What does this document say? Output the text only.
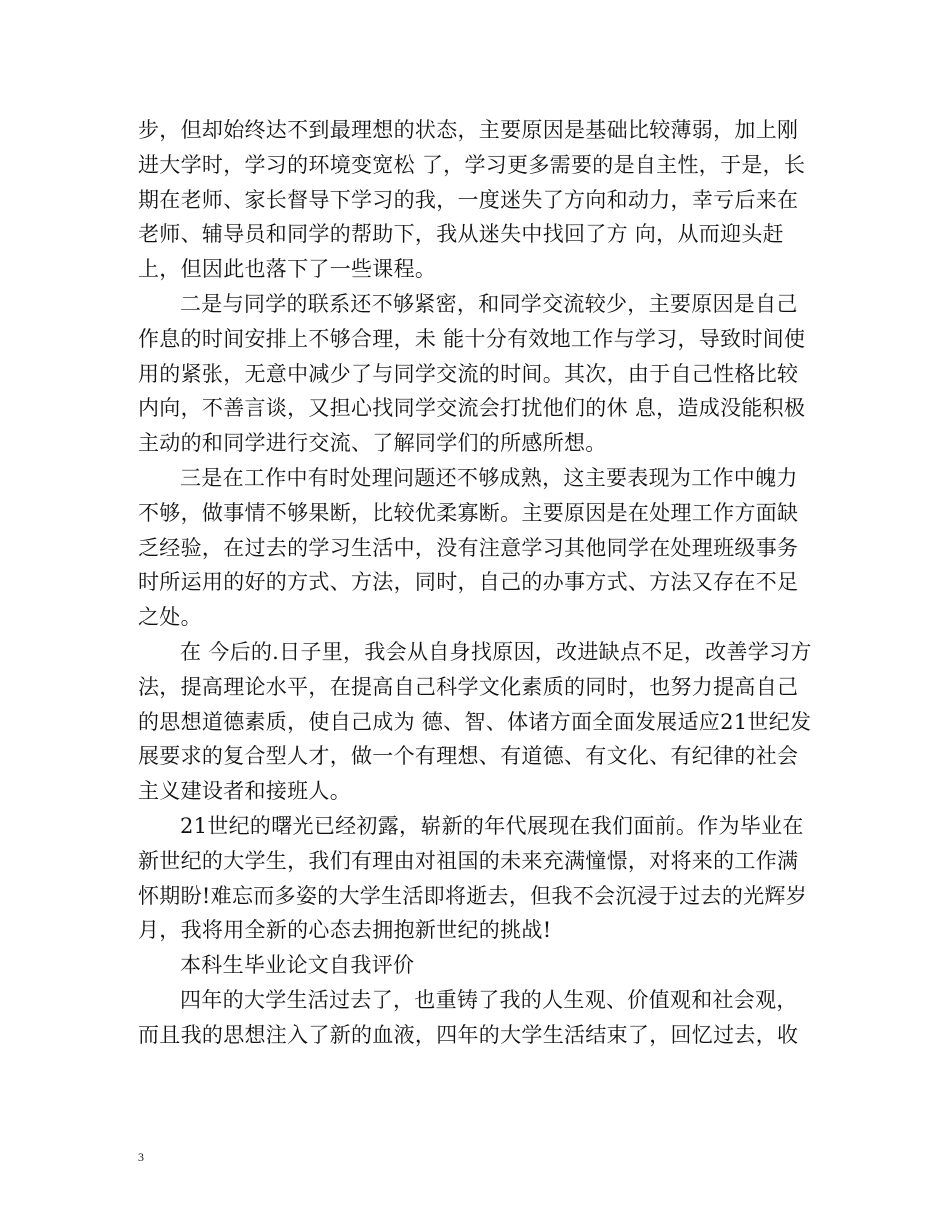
步，但却始终达不到最理想的状态，主要原因是基础比较薄弱，加上刚进大学时，学习的环境变宽松 了，学习更多需要的是自主性，于是，长期在老师、家长督导下学习的我，一度迷失了方向和动力，幸亏后来在老师、辅导员和同学的帮助下，我从迷失中找回了方 向，从而迎头赶上，但因此也落下了一些课程。

二是与同学的联系还不够紧密，和同学交流较少，主要原因是自己作息的时间安排上不够合理，未 能十分有效地工作与学习，导致时间使用的紧张，无意中减少了与同学交流的时间。其次，由于自己性格比较内向，不善言谈，又担心找同学交流会打扰他们的休 息，造成没能积极主动的和同学进行交流、了解同学们的所感所想。

三是在工作中有时处理问题还不够成熟，这主要表现为工作中魄力不够，做事情不够果断，比较优柔寡断。主要原因是在处理工作方面缺乏经验，在过去的学习生活中，没有注意学习其他同学在处理班级事务时所运用的好的方式、方法，同时，自己的办事方式、方法又存在不足之处。

在 今后的.日子里，我会从自身找原因，改进缺点不足，改善学习方法，提高理论水平，在提高自己科学文化素质的同时，也努力提高自己的思想道德素质，使自己成为 德、智、体诸方面全面发展适应21世纪发展要求的复合型人才，做一个有理想、有道德、有文化、有纪律的社会主义建设者和接班人。

21世纪的曙光已经初露，崭新的年代展现在我们面前。作为毕业在新世纪的大学生，我们有理由对祖国的未来充满憧憬，对将来的工作满怀期盼!难忘而多姿的大学生活即将逝去，但我不会沉浸于过去的光辉岁月，我将用全新的心态去拥抱新世纪的挑战!

本科生毕业论文自我评价

四年的大学生活过去了，也重铸了我的人生观、价值观和社会观，而且我的思想注入了新的血液，四年的大学生活结束了，回忆过去，收

3
